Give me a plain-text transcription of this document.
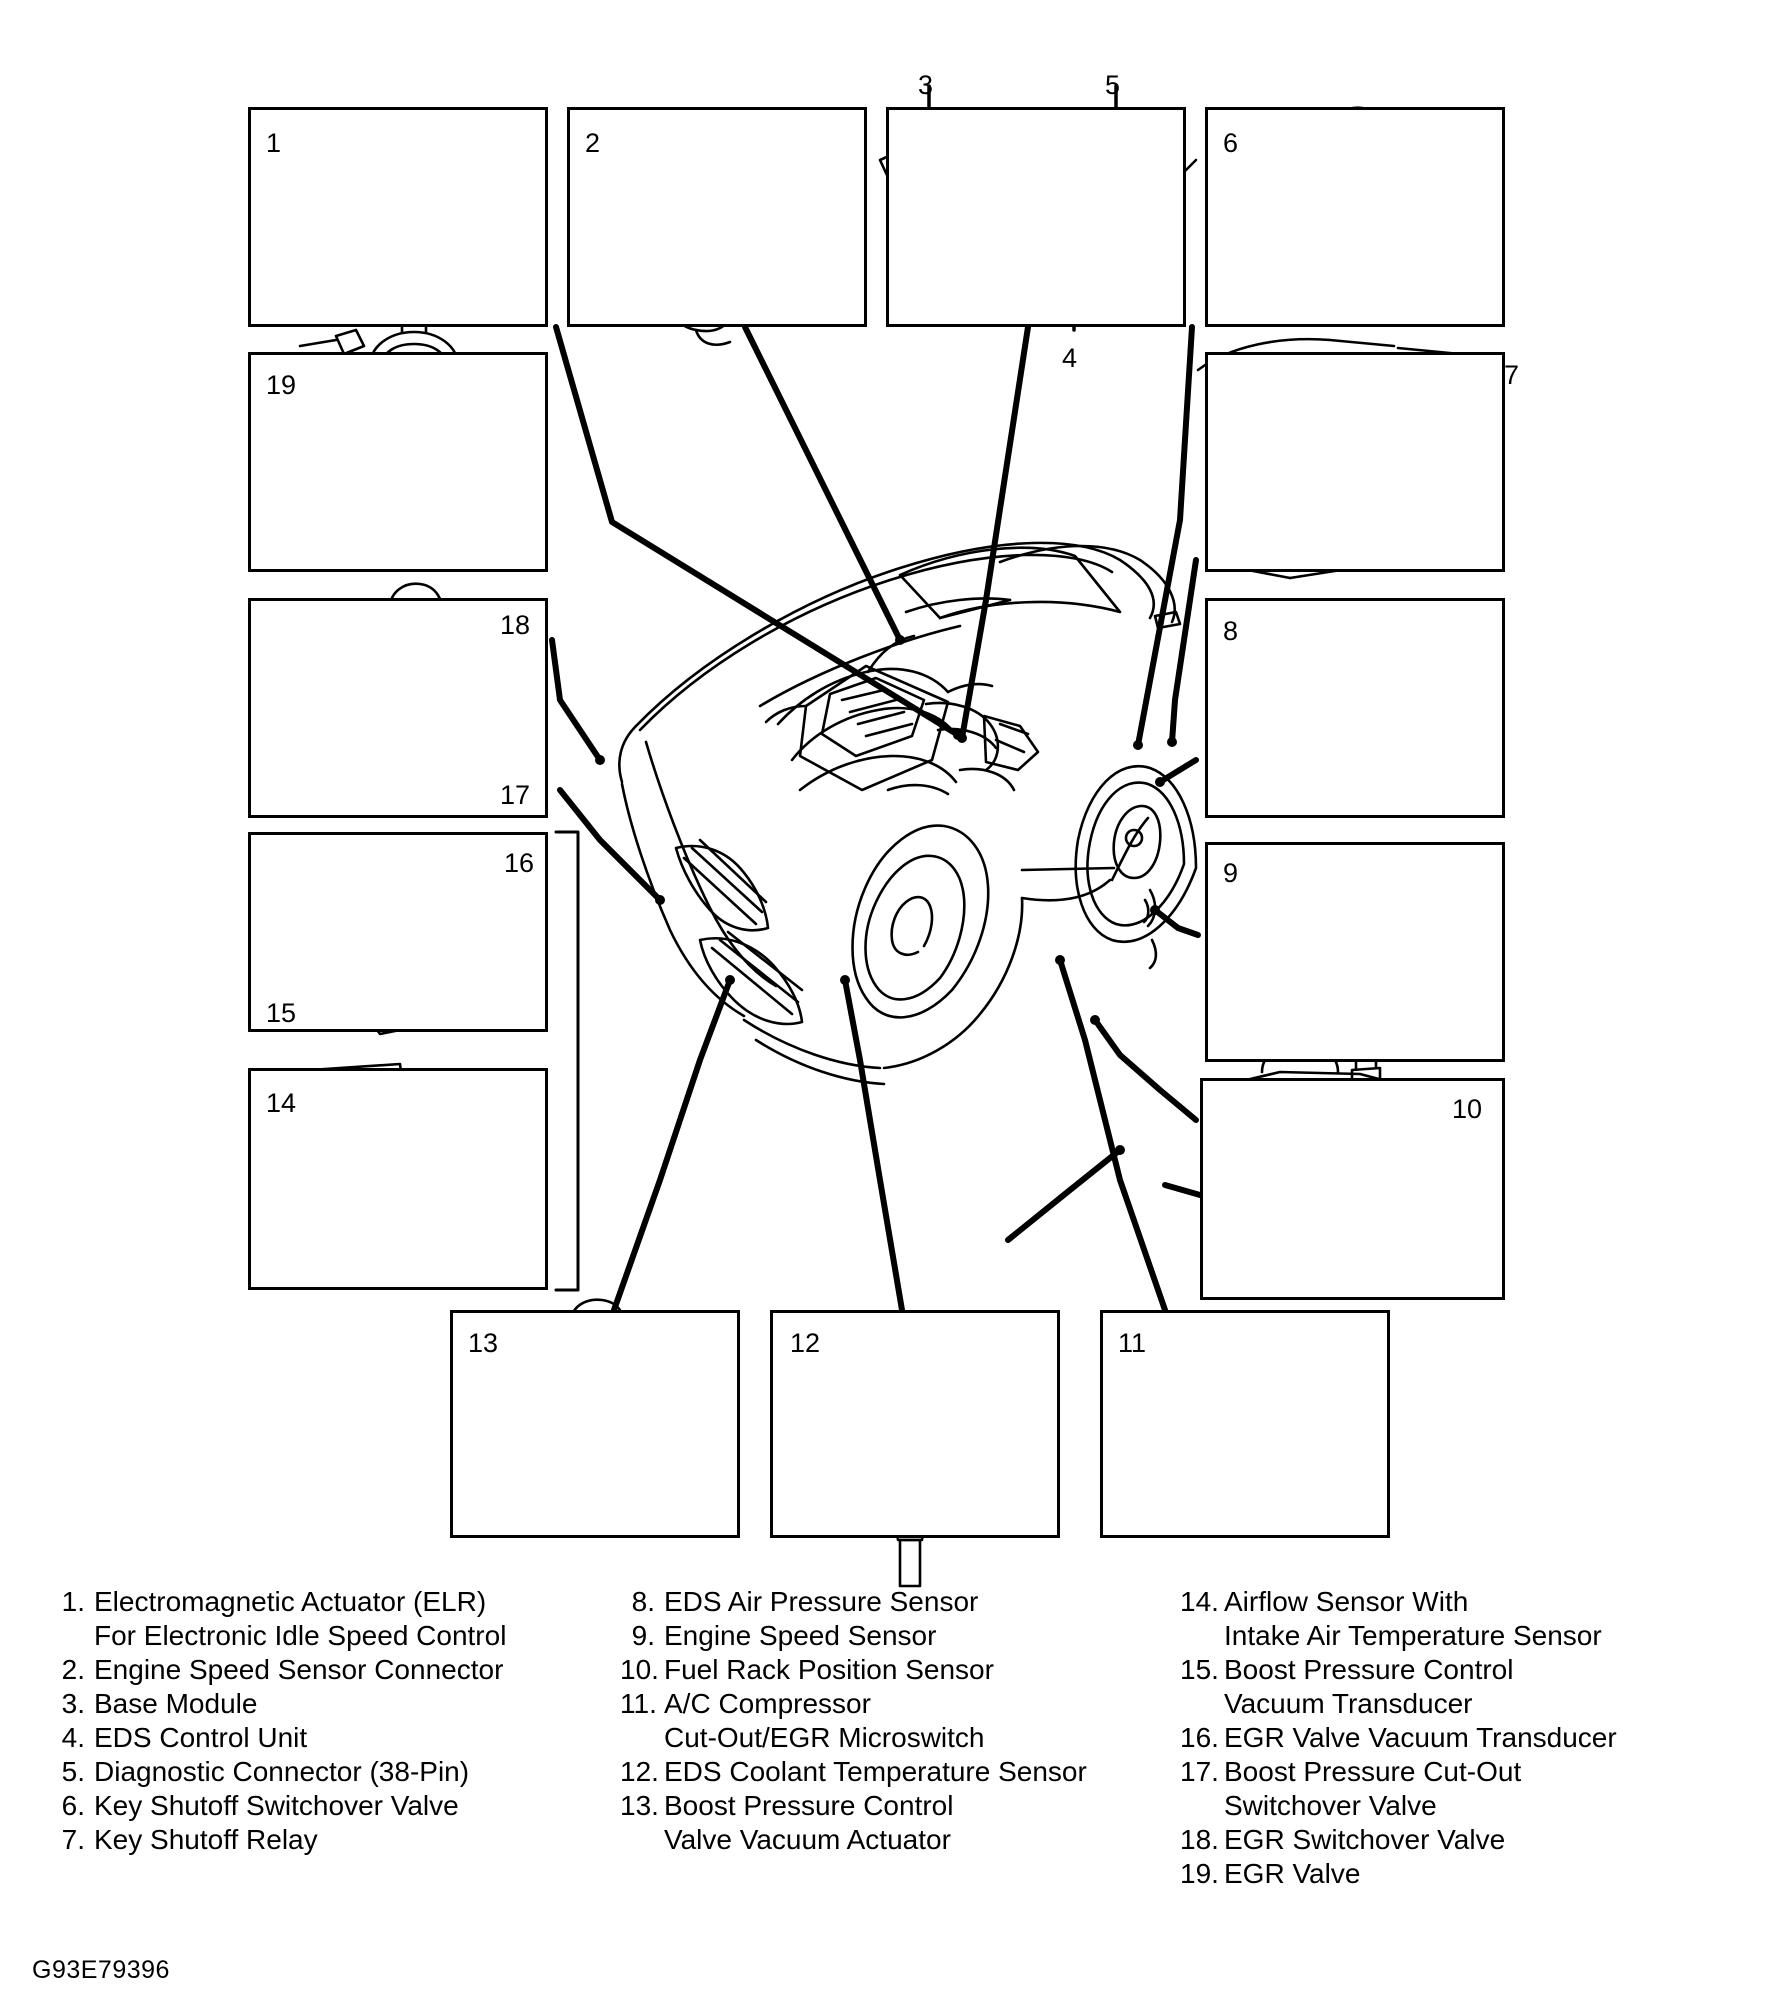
1	2	6
19
18
17
8
16
15
9
14	10
13	12	11
3	5
4
7
1. Electromagnetic Actuator (ELR)
For Electronic Idle Speed Control
2. Engine Speed Sensor Connector
3. Base Module
4. EDS Control Unit
5. Diagnostic Connector (38-Pin)
6. Key Shutoff Switchover Valve
7. Key Shutoff Relay
8. EDS Air Pressure Sensor
9. Engine Speed Sensor
10. Fuel Rack Position Sensor
11. A/C Compressor
Cut-Out/EGR Microswitch
12. EDS Coolant Temperature Sensor
13. Boost Pressure Control
Valve Vacuum Actuator
14. Airflow Sensor With
Intake Air Temperature Sensor
15. Boost Pressure Control
Vacuum Transducer
16. EGR Valve Vacuum Transducer
17. Boost Pressure Cut-Out
Switchover Valve
18. EGR Switchover Valve
19. EGR Valve
G93E79396
